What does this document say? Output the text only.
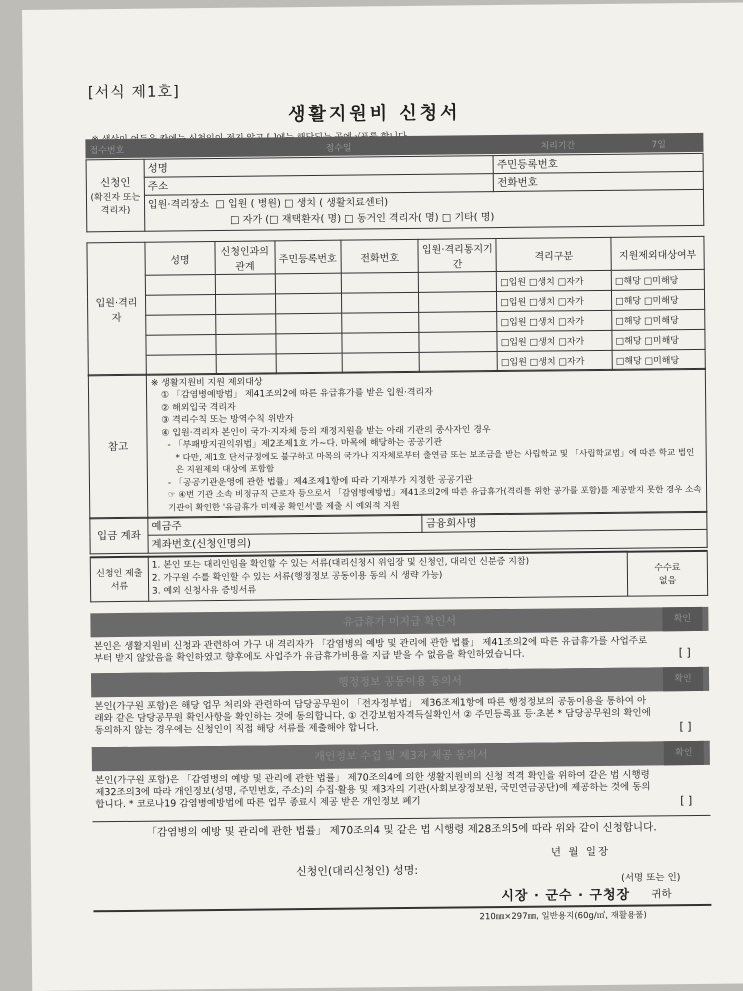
[서식 제1호]
생활지원비 신청서
접수번호	접수일	처리기간	7일
신청인
(확진자 또는 격리자)	성명	주민등록번호
	주소	전화번호
	입원·격리장소 □ 입원 ( 병원) □ 생치 ( 생활치료센터)
□ 자가 (□ 재택환자( 명) □ 동거인 격리자( 명) □ 기타( 명)	
입원·격리자	성명	신청인과의 관계	주민등록번호	전화번호	입원·격리통지기간	격리구분	지원제외대상여부
						□입원 □생치 □자가	□해당 □미해당
						□입원 □생치 □자가	□해당 □미해당
						□입원 □생치 □자가	□해당 □미해당
						□입원 □생치 □자가	□해당 □미해당
						□입원 □생치 □자가	□해당 □미해당
참고	
※ 생활지원비 지원 제외대상
① 「감염병예방법」 제41조의2에 따른 유급휴가를 받은 입원·격리자
② 해외입국 격리자
③ 격리수칙 또는 방역수칙 위반자
④ 입원·격리자 본인이 국가·지자체 등의 재정지원을 받는 아래 기관의 종사자인 경우
- 「부패방지권익위법」제2조제1호 가~다. 마목에 해당하는 공공기관
* 다만, 제1호 단서규정에도 불구하고 마목의 국가나 지자체로부터 출연금 또는 보조금을 받는 사립학교 및 「사립학교법」에 따른 학교 법인은 지원제외 대상에 포함함
- 「공공기관운영에 관한 법률」제4조제1항에 따라 기재부가 지정한 공공기관
☞ ④번 기관 소속 비정규직 근로자 등으로서 「감염병예방법」제41조의2에 따른 유급휴가(격리를 위한 공가를 포함)를 제공받지 못한 경우 소속기관이 확인한 '유급휴가 미제공 확인서'를 제출 시 예외적 지원
입금 계좌	예금주	금융회사명
계좌번호(신청인명의)
신청인 제출서류	
1. 본인 또는 대리인임을 확인할 수 있는 서류(대리신청시 위임장 및 신청인, 대리인 신분증 지참)
2. 가구원 수를 확인할 수 있는 서류(행정정보 공동이용 동의 시 생략 가능)
3. 예외 신청사유 증빙서류

수수료
없음
유급휴가 미지급 확인서	확인
본인은 생활지원비 신청과 관련하여 가구 내 격리자가 「감염병의 예방 및 관리에 관한 법률」 제41조의2에 따른 유급휴가를 사업주로부터 받지 않았음을 확인하였고 향후에도 사업주가 유급휴가비용을 지급 받을 수 없음을 확인하였습니다.	[ ]
행정정보 공동이용 동의서	확인
본인(가구원 포함)은 해당 업무 처리와 관련하여 담당공무원이 「전자정부법」 제36조제1항에 따른 행정정보의 공동이용을 통하여 아래와 같은 담당공무원 확인사항을 확인하는 것에 동의합니다. ① 건강보험자격득실확인서 ② 주민등록표 등·초본 * 담당공무원의 확인에 동의하지 않는 경우에는 신청인이 직접 해당 서류를 제출해야 합니다.	[ ]
개인정보 수집 및 제3자 제공 동의서	확인
본인(가구원 포함)은 「감염병의 예방 및 관리에 관한 법률」 제70조의4에 의한 생활지원비의 신청 적격 확인을 위하여 같은 법 시행령 제32조의3에 따라 개인정보(성명, 주민번호, 주소)의 수집·활용 및 제3자의 기관(사회보장정보원, 국민연금공단)에 제공하는 것에 동의합니다. * 코로나19 감염병예방법에 따른 업무 종료시 제공 받은 개인정보 폐기	[ ]
「감염병의 예방 및 관리에 관한 법률」 제70조의4 및 같은 법 시행령 제28조의5에 따라 위와 같이 신청합니다.
년 월 일장
신청인(대리신청인) 성명:	(서명 또는 인)
시장 · 군수 · 구청장 귀하
210㎜×297㎜, 일반용지(60g/㎡, 재활용품)
